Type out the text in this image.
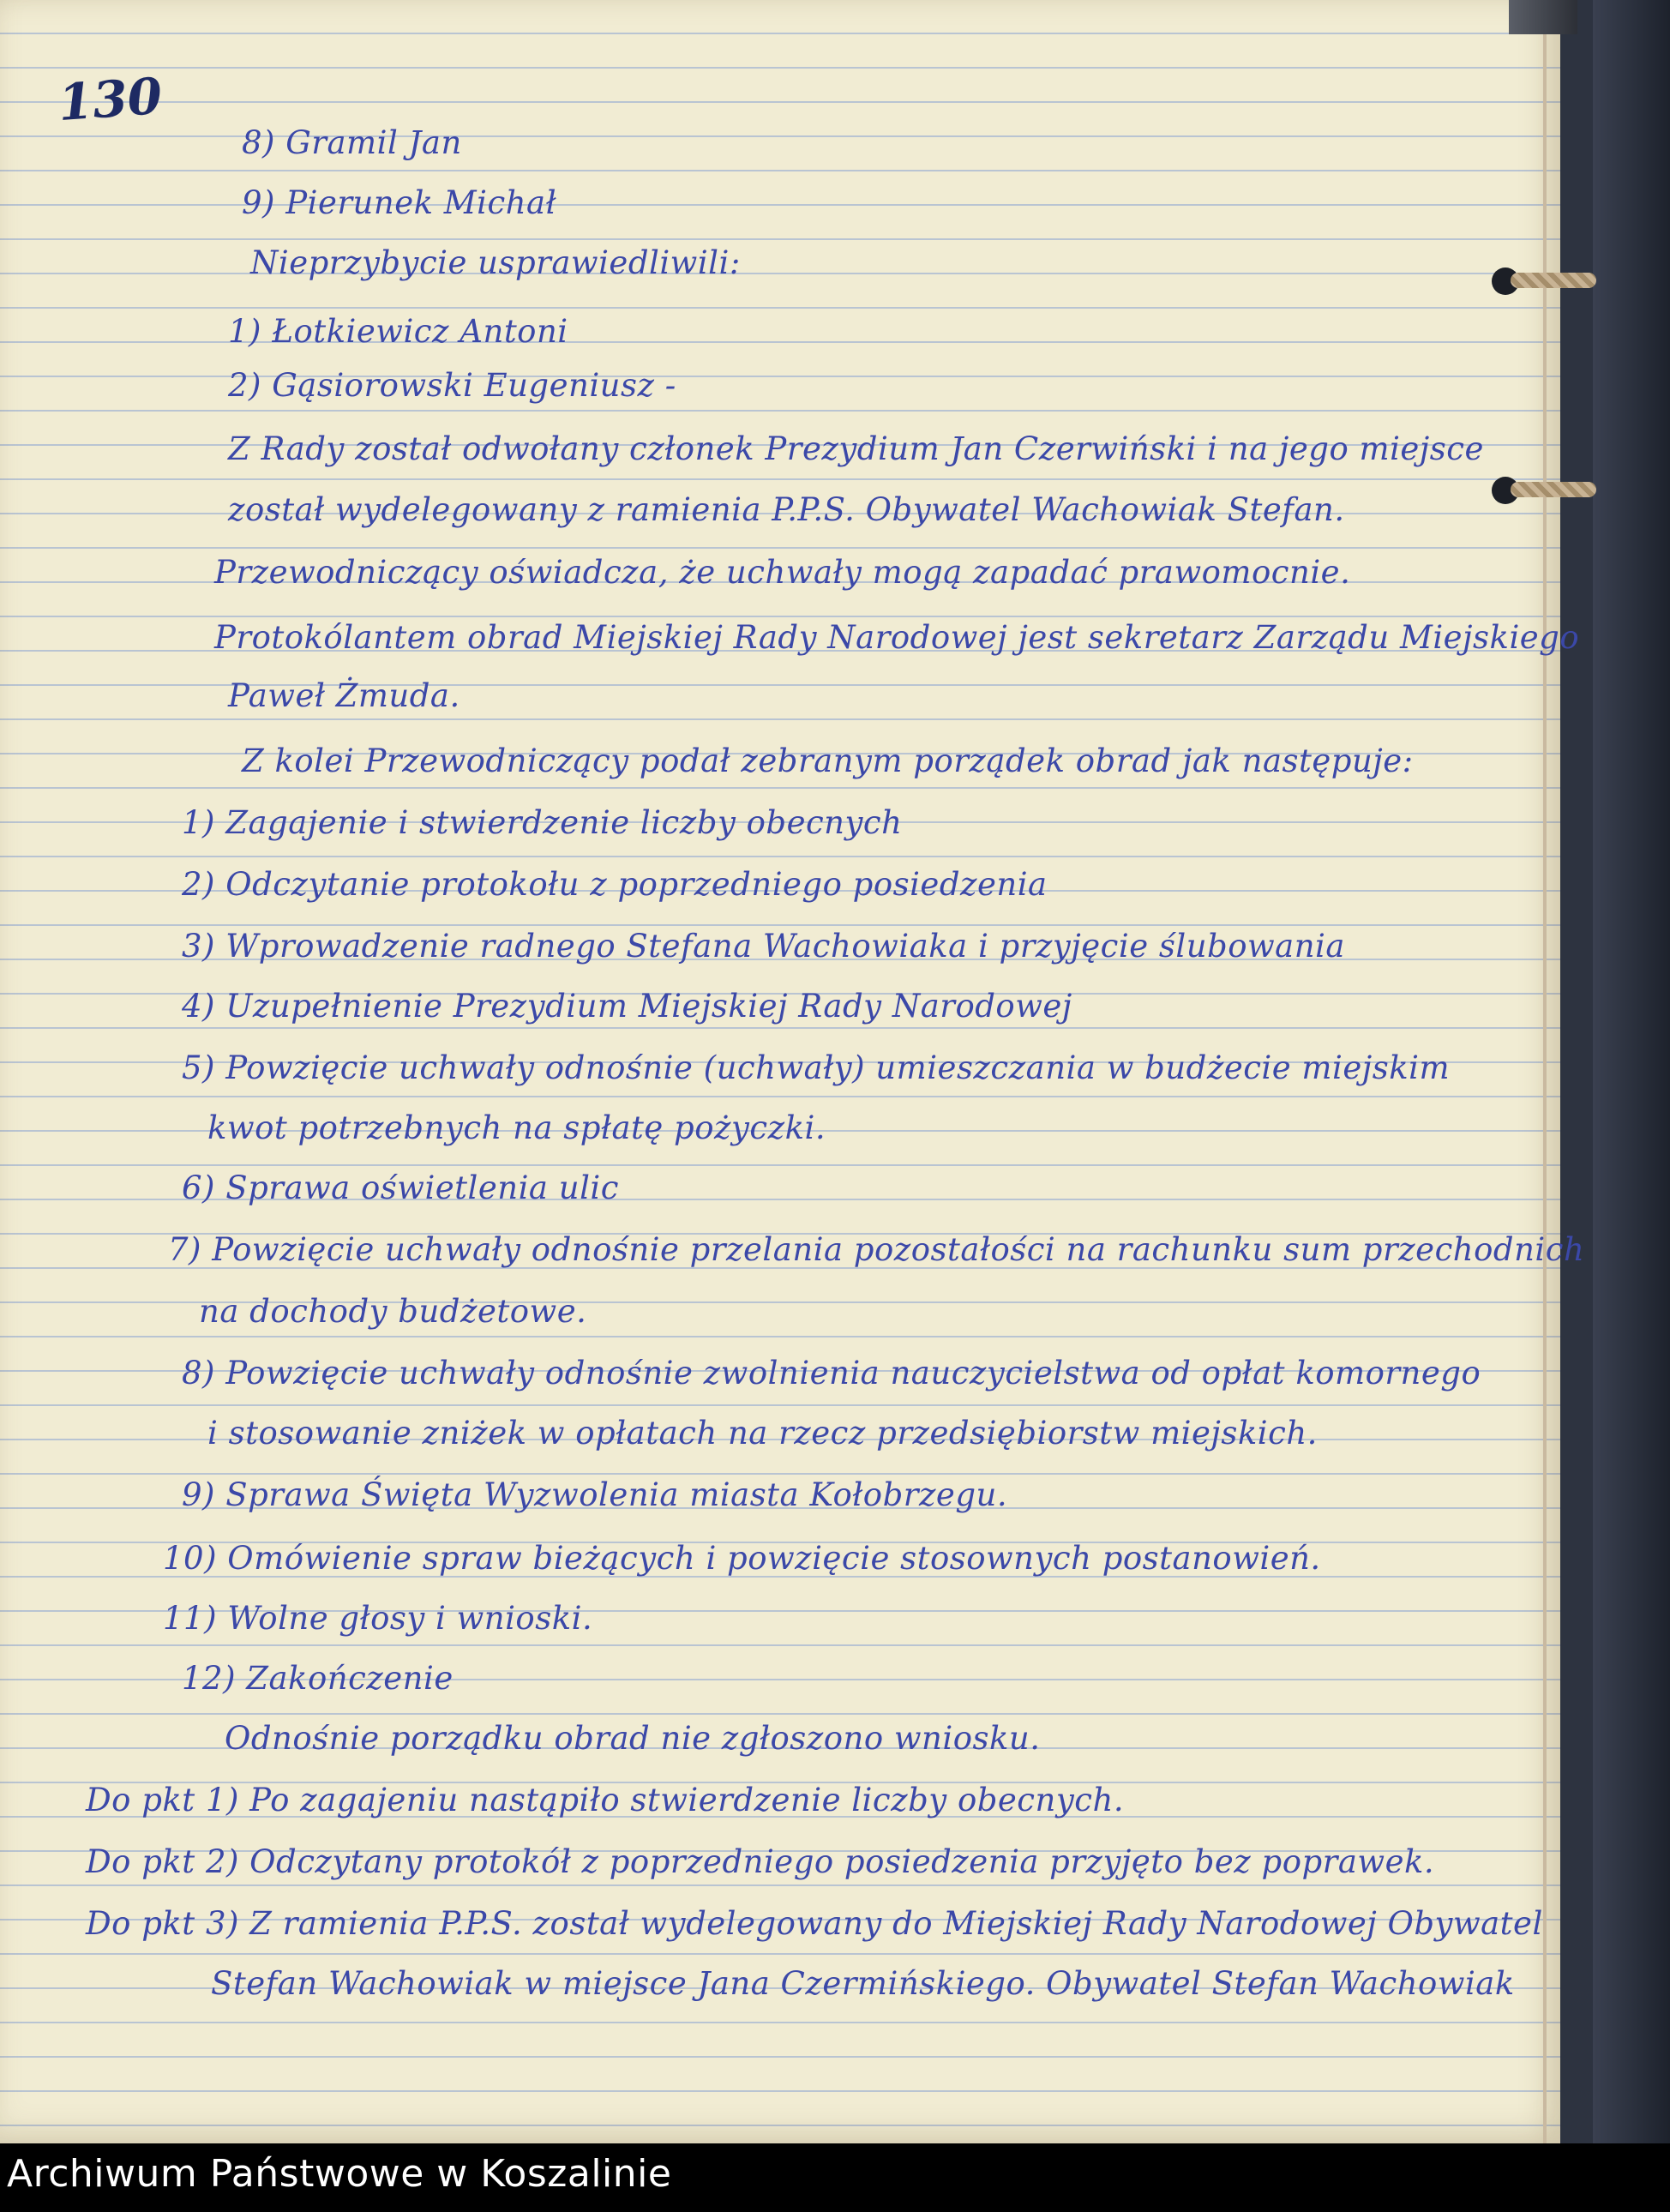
130
8) Gramil Jan
9) Pierunek Michał
Nieprzybycie usprawiedliwili:
1) Łotkiewicz Antoni
2) Gąsiorowski Eugeniusz -
Z Rady został odwołany członek Prezydium Jan Czerwiński i na jego miejsce
został wydelegowany z ramienia P.P.S. Obywatel Wachowiak Stefan.
Przewodniczący oświadcza, że uchwały mogą zapadać prawomocnie.
Protokólantem obrad Miejskiej Rady Narodowej jest sekretarz Zarządu Miejskiego
Paweł Żmuda.
Z kolei Przewodniczący podał zebranym porządek obrad jak następuje:
1) Zagajenie i stwierdzenie liczby obecnych
2) Odczytanie protokołu z poprzedniego posiedzenia
3) Wprowadzenie radnego Stefana Wachowiaka i przyjęcie ślubowania
4) Uzupełnienie Prezydium Miejskiej Rady Narodowej
5) Powzięcie uchwały odnośnie (uchwały) umieszczania w budżecie miejskim
kwot potrzebnych na spłatę pożyczki.
6) Sprawa oświetlenia ulic
7) Powzięcie uchwały odnośnie przelania pozostałości na rachunku sum przechodnich
na dochody budżetowe.
8) Powzięcie uchwały odnośnie zwolnienia nauczycielstwa od opłat komornego
i stosowanie zniżek w opłatach na rzecz przedsiębiorstw miejskich.
9) Sprawa Święta Wyzwolenia miasta Kołobrzegu.
10) Omówienie spraw bieżących i powzięcie stosownych postanowień.
11) Wolne głosy i wnioski.
12) Zakończenie
Odnośnie porządku obrad nie zgłoszono wniosku.
Do pkt 1) Po zagajeniu nastąpiło stwierdzenie liczby obecnych.
Do pkt 2) Odczytany protokół z poprzedniego posiedzenia przyjęto bez poprawek.
Do pkt 3) Z ramienia P.P.S. został wydelegowany do Miejskiej Rady Narodowej Obywatel
Stefan Wachowiak w miejsce Jana Czermińskiego. Obywatel Stefan Wachowiak
Archiwum Państwowe w Koszalinie
